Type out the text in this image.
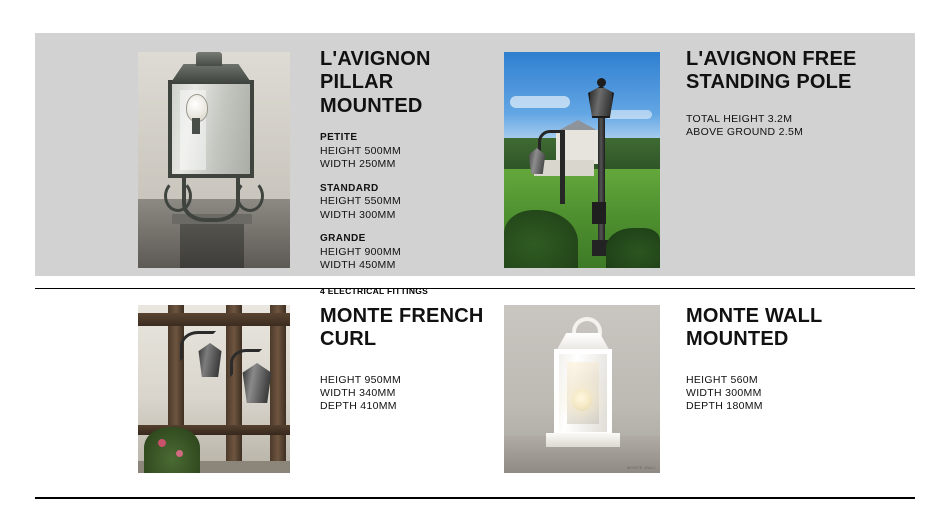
L'AVIGNON PILLAR MOUNTED
PETITE
HEIGHT 500MM
WIDTH 250MM
STANDARD
HEIGHT 550MM
WIDTH 300MM
GRANDE
HEIGHT 900MM
WIDTH 450MM
4 ELECTRICAL FITTINGS
L'AVIGNON FREE STANDING POLE
TOTAL HEIGHT 3.2M
ABOVE GROUND 2.5M
MONTE FRENCH CURL
HEIGHT 950MM
WIDTH 340MM
DEPTH 410MM
MONTE WALL
MONTE WALL MOUNTED
HEIGHT 560M
WIDTH 300MM
DEPTH 180MM
